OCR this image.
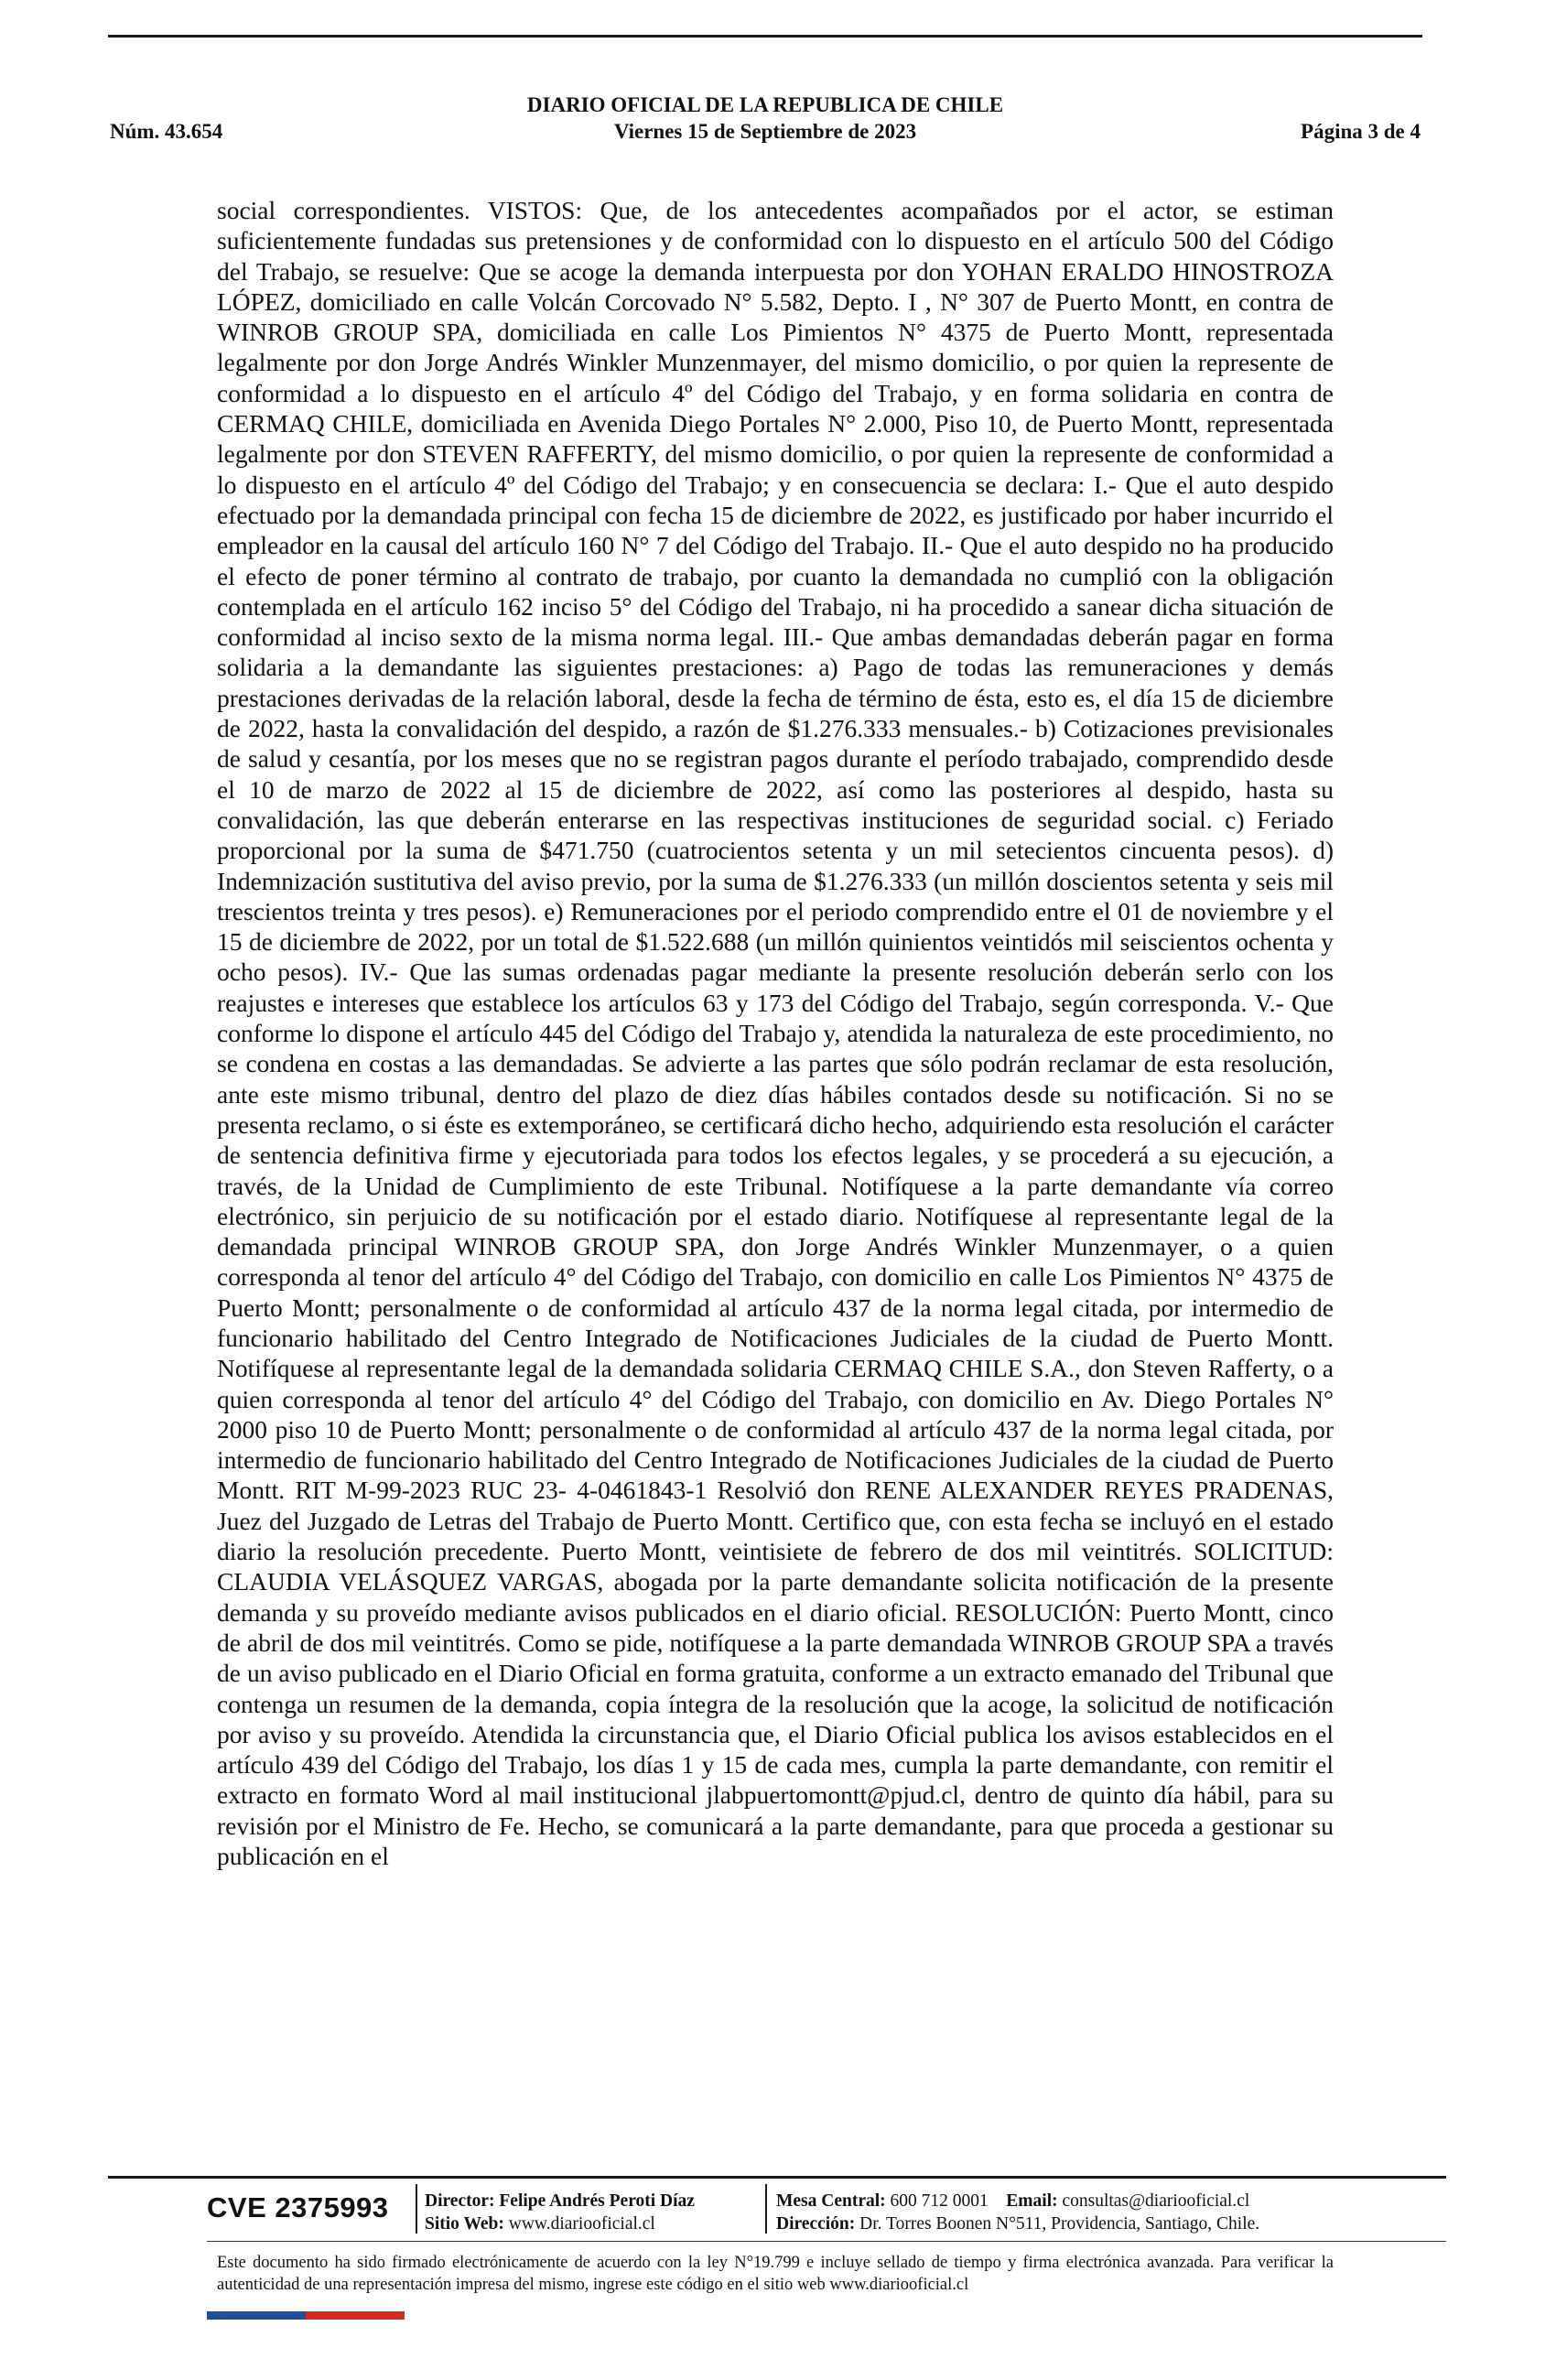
DIARIO OFICIAL DE LA REPUBLICA DE CHILE
Viernes 15 de Septiembre de 2023
Núm. 43.654	Página 3 de 4

social correspondientes. VISTOS: Que, de los antecedentes acompañados por el actor, se estiman suficientemente fundadas sus pretensiones y de conformidad con lo dispuesto en el artículo 500 del Código del Trabajo, se resuelve: Que se acoge la demanda interpuesta por don YOHAN ERALDO HINOSTROZA LÓPEZ, domiciliado en calle Volcán Corcovado N° 5.582, Depto. I , N° 307 de Puerto Montt, en contra de WINROB GROUP SPA, domiciliada en calle Los Pimientos N° 4375 de Puerto Montt, representada legalmente por don Jorge Andrés Winkler Munzenmayer, del mismo domicilio, o por quien la represente de conformidad a lo dispuesto en el artículo 4º del Código del Trabajo, y en forma solidaria en contra de CERMAQ CHILE, domiciliada en Avenida Diego Portales N° 2.000, Piso 10, de Puerto Montt, representada legalmente por don STEVEN RAFFERTY, del mismo domicilio, o por quien la represente de conformidad a lo dispuesto en el artículo 4º del Código del Trabajo; y en consecuencia se declara: I.- Que el auto despido efectuado por la demandada principal con fecha 15 de diciembre de 2022, es justificado por haber incurrido el empleador en la causal del artículo 160 N° 7 del Código del Trabajo. II.- Que el auto despido no ha producido el efecto de poner término al contrato de trabajo, por cuanto la demandada no cumplió con la obligación contemplada en el artículo 162 inciso 5° del Código del Trabajo, ni ha procedido a sanear dicha situación de conformidad al inciso sexto de la misma norma legal. III.- Que ambas demandadas deberán pagar en forma solidaria a la demandante las siguientes prestaciones: a) Pago de todas las remuneraciones y demás prestaciones derivadas de la relación laboral, desde la fecha de término de ésta, esto es, el día 15 de diciembre de 2022, hasta la convalidación del despido, a razón de $1.276.333 mensuales.- b) Cotizaciones previsionales de salud y cesantía, por los meses que no se registran pagos durante el período trabajado, comprendido desde el 10 de marzo de 2022 al 15 de diciembre de 2022, así como las posteriores al despido, hasta su convalidación, las que deberán enterarse en las respectivas instituciones de seguridad social. c) Feriado proporcional por la suma de $471.750 (cuatrocientos setenta y un mil setecientos cincuenta pesos). d) Indemnización sustitutiva del aviso previo, por la suma de $1.276.333 (un millón doscientos setenta y seis mil trescientos treinta y tres pesos). e) Remuneraciones por el periodo comprendido entre el 01 de noviembre y el 15 de diciembre de 2022, por un total de $1.522.688 (un millón quinientos veintidós mil seiscientos ochenta y ocho pesos). IV.- Que las sumas ordenadas pagar mediante la presente resolución deberán serlo con los reajustes e intereses que establece los artículos 63 y 173 del Código del Trabajo, según corresponda. V.- Que conforme lo dispone el artículo 445 del Código del Trabajo y, atendida la naturaleza de este procedimiento, no se condena en costas a las demandadas. Se advierte a las partes que sólo podrán reclamar de esta resolución, ante este mismo tribunal, dentro del plazo de diez días hábiles contados desde su notificación. Si no se presenta reclamo, o si éste es extemporáneo, se certificará dicho hecho, adquiriendo esta resolución el carácter de sentencia definitiva firme y ejecutoriada para todos los efectos legales, y se procederá a su ejecución, a través, de la Unidad de Cumplimiento de este Tribunal. Notifíquese a la parte demandante vía correo electrónico, sin perjuicio de su notificación por el estado diario. Notifíquese al representante legal de la demandada principal WINROB GROUP SPA, don Jorge Andrés Winkler Munzenmayer, o a quien corresponda al tenor del artículo 4° del Código del Trabajo, con domicilio en calle Los Pimientos N° 4375 de Puerto Montt; personalmente o de conformidad al artículo 437 de la norma legal citada, por intermedio de funcionario habilitado del Centro Integrado de Notificaciones Judiciales de la ciudad de Puerto Montt. Notifíquese al representante legal de la demandada solidaria CERMAQ CHILE S.A., don Steven Rafferty, o a quien corresponda al tenor del artículo 4° del Código del Trabajo, con domicilio en Av. Diego Portales N° 2000 piso 10 de Puerto Montt; personalmente o de conformidad al artículo 437 de la norma legal citada, por intermedio de funcionario habilitado del Centro Integrado de Notificaciones Judiciales de la ciudad de Puerto Montt. RIT M-99-2023 RUC 23- 4-0461843-1 Resolvió don RENE ALEXANDER REYES PRADENAS, Juez del Juzgado de Letras del Trabajo de Puerto Montt. Certifico que, con esta fecha se incluyó en el estado diario la resolución precedente. Puerto Montt, veintisiete de febrero de dos mil veintitrés. SOLICITUD: CLAUDIA VELÁSQUEZ VARGAS, abogada por la parte demandante solicita notificación de la presente demanda y su proveído mediante avisos publicados en el diario oficial. RESOLUCIÓN: Puerto Montt, cinco de abril de dos mil veintitrés. Como se pide, notifíquese a la parte demandada WINROB GROUP SPA a través de un aviso publicado en el Diario Oficial en forma gratuita, conforme a un extracto emanado del Tribunal que contenga un resumen de la demanda, copia íntegra de la resolución que la acoge, la solicitud de notificación por aviso y su proveído. Atendida la circunstancia que, el Diario Oficial publica los avisos establecidos en el artículo 439 del Código del Trabajo, los días 1 y 15 de cada mes, cumpla la parte demandante, con remitir el extracto en formato Word al mail institucional jlabpuertomontt@pjud.cl, dentro de quinto día hábil, para su revisión por el Ministro de Fe. Hecho, se comunicará a la parte demandante, para que proceda a gestionar su publicación en el

CVE 2375993 Director: Felipe Andrés Peroti Díaz
Sitio Web: www.diariooficial.cl
Mesa Central: 600 712 0001 Email: consultas@diariooficial.cl
Dirección: Dr. Torres Boonen N°511, Providencia, Santiago, Chile.
Este documento ha sido firmado electrónicamente de acuerdo con la ley N°19.799 e incluye sellado de tiempo y firma electrónica avanzada. Para verificar la autenticidad de una representación impresa del mismo, ingrese este código en el sitio web www.diariooficial.cl
